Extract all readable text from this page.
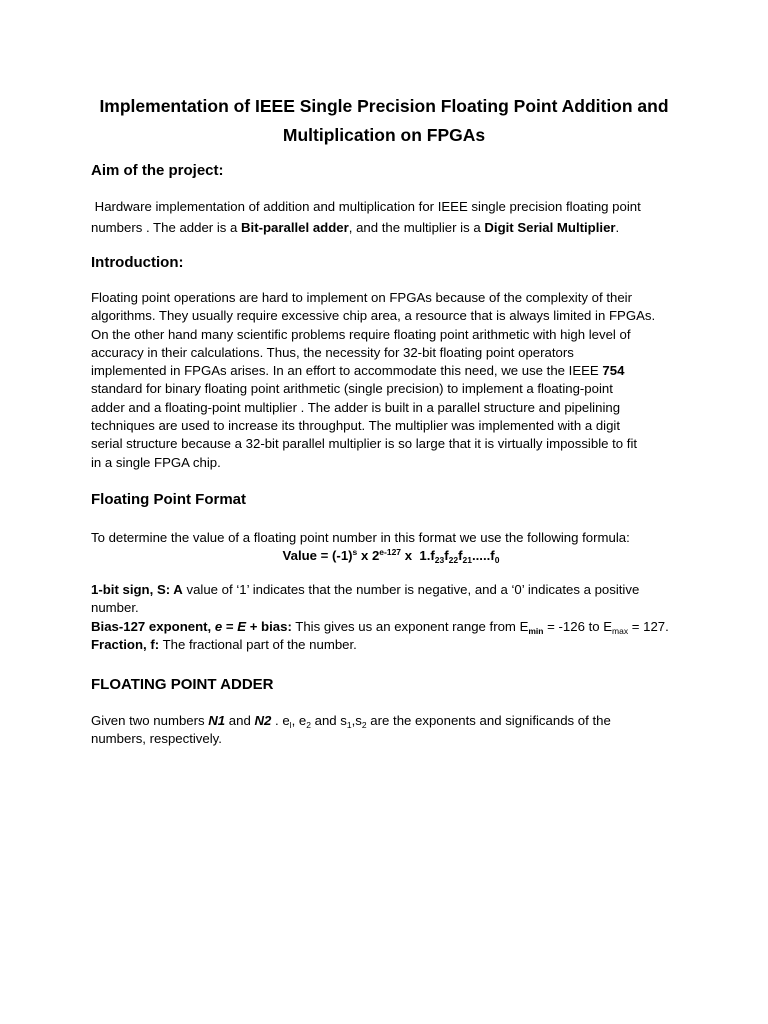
Implementation of IEEE Single Precision Floating Point Addition and
Multiplication on FPGAs
Aim of the project:
Hardware implementation of addition and multiplication for IEEE single precision floating point
numbers . The adder is a Bit-parallel adder, and the multiplier is a Digit Serial Multiplier.
Introduction:
Floating point operations are hard to implement on FPGAs because of the complexity of their
algorithms. They usually require excessive chip area, a resource that is always limited in FPGAs.
On the other hand many scientific problems require floating point arithmetic with high level of
accuracy in their calculations. Thus, the necessity for 32-bit floating point operators
implemented in FPGAs arises. In an effort to accommodate this need, we use the IEEE 754
standard for binary floating point arithmetic (single precision) to implement a floating-point
adder and a floating-point multiplier . The adder is built in a parallel structure and pipelining
techniques are used to increase its throughput. The multiplier was implemented with a digit
serial structure because a 32-bit parallel multiplier is so large that it is virtually impossible to fit
in a single FPGA chip.
Floating Point Format
To determine the value of a floating point number in this format we use the following formula:
Value = $(-1)^s$ x 2$^{e-127}$ x  $1.f_{23}f_{22}f_{21}.....f_0$
1-bit sign, S: A value of ‘1’ indicates that the number is negative, and a ‘0’ indicates a positive
number.
Bias-127 exponent, e = E + bias: This gives us an exponent range from $E_{min} = -126$ to $E_{max} = 127$.
Fraction, f: The fractional part of the number.
FLOATING POINT ADDER
Given two numbers N1 and N2 . $e_l$, $e_2$ and $s_1,s_2$ are the exponents and significands of the
numbers, respectively.
